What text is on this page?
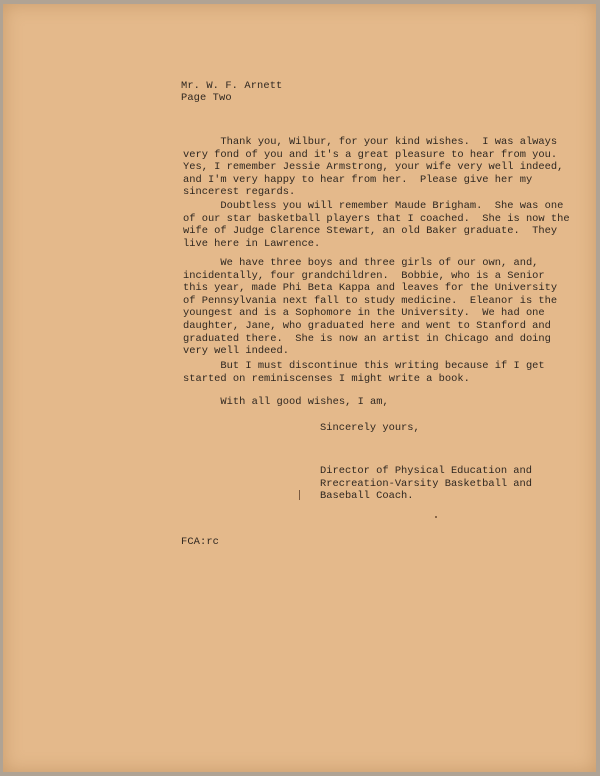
Mr. W. F. Arnett
Page Two
Thank you, Wilbur, for your kind wishes.  I was always
very fond of you and it's a great pleasure to hear from you.
Yes, I remember Jessie Armstrong, your wife very well indeed,
and I'm very happy to hear from her.  Please give her my
sincerest regards.
Doubtless you will remember Maude Brigham.  She was one
of our star basketball players that I coached.  She is now the
wife of Judge Clarence Stewart, an old Baker graduate.  They
live here in Lawrence.
We have three boys and three girls of our own, and,
incidentally, four grandchildren.  Bobbie, who is a Senior
this year, made Phi Beta Kappa and leaves for the University
of Pennsylvania next fall to study medicine.  Eleanor is the
youngest and is a Sophomore in the University.  We had one
daughter, Jane, who graduated here and went to Stanford and
graduated there.  She is now an artist in Chicago and doing
very well indeed.
But I must discontinue this writing because if I get
started on reminiscenses I might write a book.
With all good wishes, I am,
Sincerely yours,
Director of Physical Education and
Rrecreation-Varsity Basketball and
Baseball Coach.
FCA:rc
